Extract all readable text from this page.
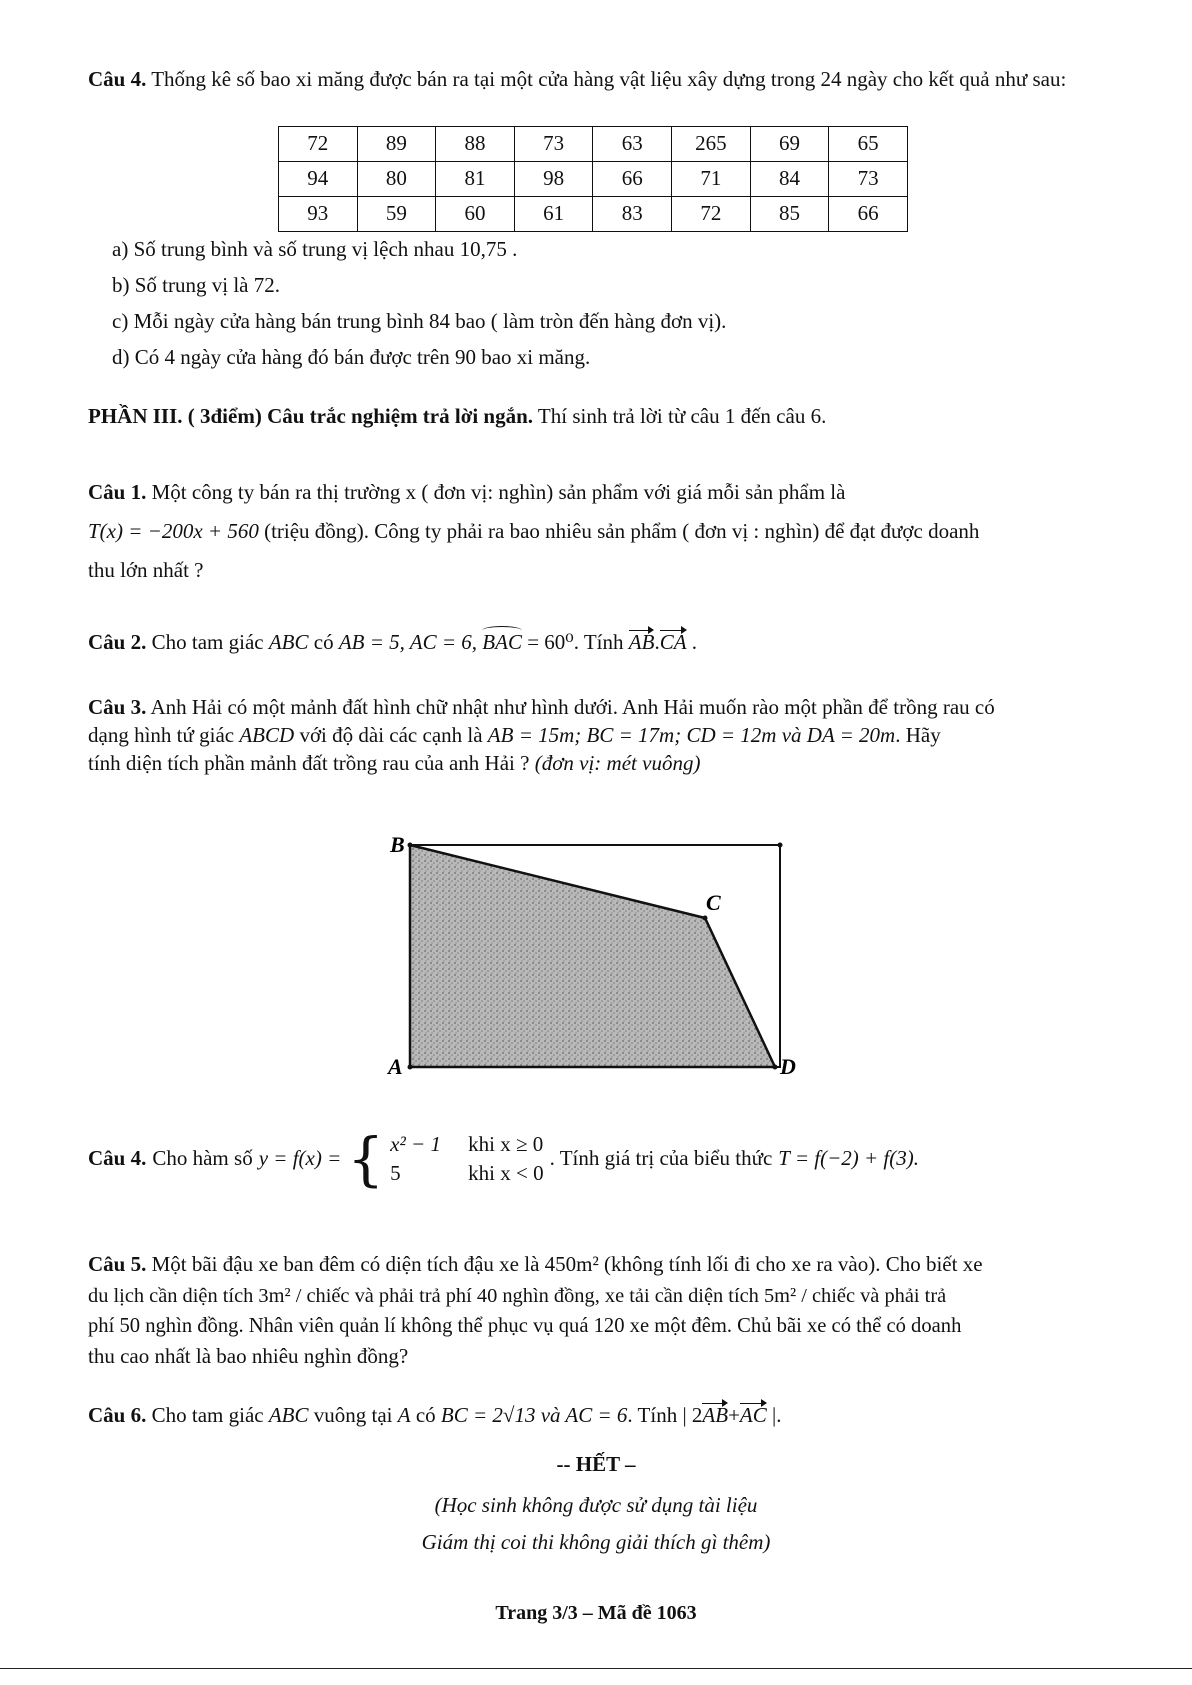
Câu 4. Thống kê số bao xi măng được bán ra tại một cửa hàng vật liệu xây dựng trong 24 ngày cho kết quả như sau:
72	89	88	73	63	265	69	65
94	80	81	98	66	71	84	73
93	59	60	61	83	72	85	66
a) Số trung bình và số trung vị lệch nhau 10,75 .
b) Số trung vị là 72.
c) Mỗi ngày cửa hàng bán trung bình 84 bao ( làm tròn đến hàng đơn vị).
d) Có 4 ngày cửa hàng đó bán được trên 90 bao xi măng.
PHẦN III. ( 3điểm) Câu trắc nghiệm trả lời ngắn. Thí sinh trả lời từ câu 1 đến câu 6.
Câu 1. Một công ty bán ra thị trường x ( đơn vị: nghìn) sản phẩm với giá mỗi sản phẩm là
T(x) = −200x + 560 (triệu đồng). Công ty phải ra bao nhiêu sản phẩm ( đơn vị : nghìn) để đạt được doanh
thu lớn nhất ?
Câu 2. Cho tam giác ABC có AB = 5, AC = 6, BAC = 60⁰. Tính AB.CA .
Câu 3. Anh Hải có một mảnh đất hình chữ nhật như hình dưới. Anh Hải muốn rào một phần để trồng rau có
dạng hình tứ giác ABCD với độ dài các cạnh là AB = 15m; BC = 17m; CD = 12m và DA = 20m. Hãy
tính diện tích phần mảnh đất trồng rau của anh Hải ? (đơn vị: mét vuông)
B
C
A	D
Câu 4. Cho hàm số y = f(x) = { x² − 1	khi x ≥ 0
5	khi x < 0
. Tính giá trị của biểu thức T = f(−2) + f(3).
Câu 5. Một bãi đậu xe ban đêm có diện tích đậu xe là 450m² (không tính lối đi cho xe ra vào). Cho biết xe
du lịch cần diện tích 3m² / chiếc và phải trả phí 40 nghìn đồng, xe tải cần diện tích 5m² / chiếc và phải trả
phí 50 nghìn đồng. Nhân viên quản lí không thể phục vụ quá 120 xe một đêm. Chủ bãi xe có thể có doanh
thu cao nhất là bao nhiêu nghìn đồng?
Câu 6. Cho tam giác ABC vuông tại A có BC = 2√13 và AC = 6. Tính | 2AB+AC |.
-- HẾT –
(Học sinh không được sử dụng tài liệu
Giám thị coi thi không giải thích gì thêm)
Trang 3/3 – Mã đề 1063
